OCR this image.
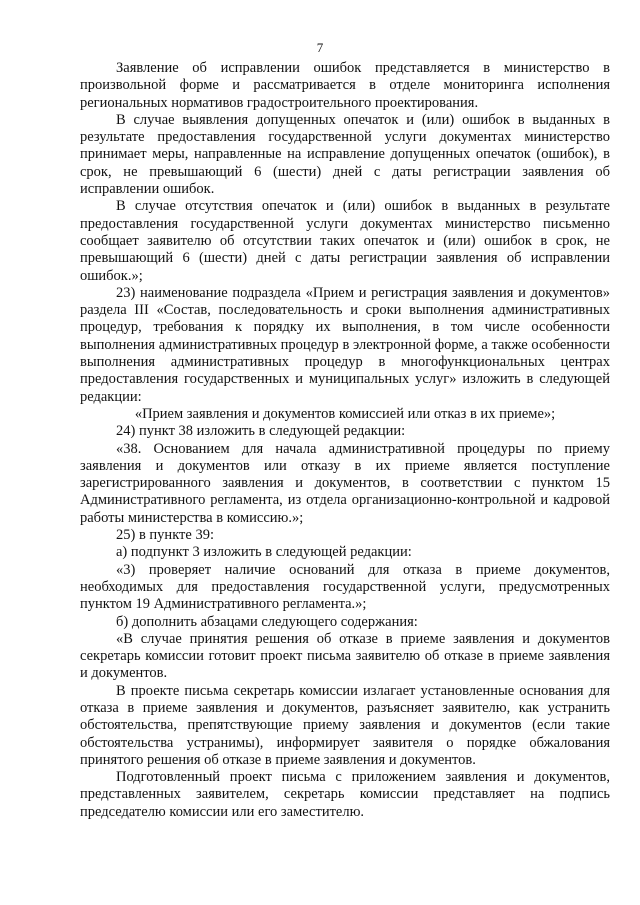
7

Заявление об исправлении ошибок представляется в министерство в произвольной форме и рассматривается в отделе мониторинга исполнения региональных нормативов градостроительного проектирования.

В случае выявления допущенных опечаток и (или) ошибок в выданных в результате предоставления государственной услуги документах министерство принимает меры, направленные на исправление допущенных опечаток (ошибок), в срок, не превышающий 6 (шести) дней с даты регистрации заявления об исправлении ошибок.

В случае отсутствия опечаток и (или) ошибок в выданных в результате предоставления государственной услуги документах министерство письменно сообщает заявителю об отсутствии таких опечаток и (или) ошибок в срок, не превышающий 6 (шести) дней с даты регистрации заявления об исправлении ошибок.»;

23) наименование подраздела «Прием и регистрация заявления и документов» раздела III «Состав, последовательность и сроки выполнения административных процедур, требования к порядку их выполнения, в том числе особенности выполнения административных процедур в электронной форме, а также особенности выполнения административных процедур в многофункциональных центрах предоставления государственных и муниципальных услуг» изложить в следующей редакции:

«Прием заявления и документов комиссией или отказ в их приеме»;

24) пункт 38 изложить в следующей редакции:

«38. Основанием для начала административной процедуры по приему заявления и документов или отказу в их приеме является поступление зарегистрированного заявления и документов, в соответствии с пунктом 15 Административного регламента, из отдела организационно-контрольной и кадровой работы министерства в комиссию.»;

25) в пункте 39:

а) подпункт 3 изложить в следующей редакции:

«3) проверяет наличие оснований для отказа в приеме документов, необходимых для предоставления государственной услуги, предусмотренных пунктом 19 Административного регламента.»;

б) дополнить абзацами следующего содержания:

«В случае принятия решения об отказе в приеме заявления и документов секретарь комиссии готовит проект письма заявителю об отказе в приеме заявления и документов.

В проекте письма секретарь комиссии излагает установленные основания для отказа в приеме заявления и документов, разъясняет заявителю, как устранить обстоятельства, препятствующие приему заявления и документов (если такие обстоятельства устранимы), информирует заявителя о порядке обжалования принятого решения об отказе в приеме заявления и документов.

Подготовленный проект письма с приложением заявления и документов, представленных заявителем, секретарь комиссии представляет на подпись председателю комиссии или его заместителю.
